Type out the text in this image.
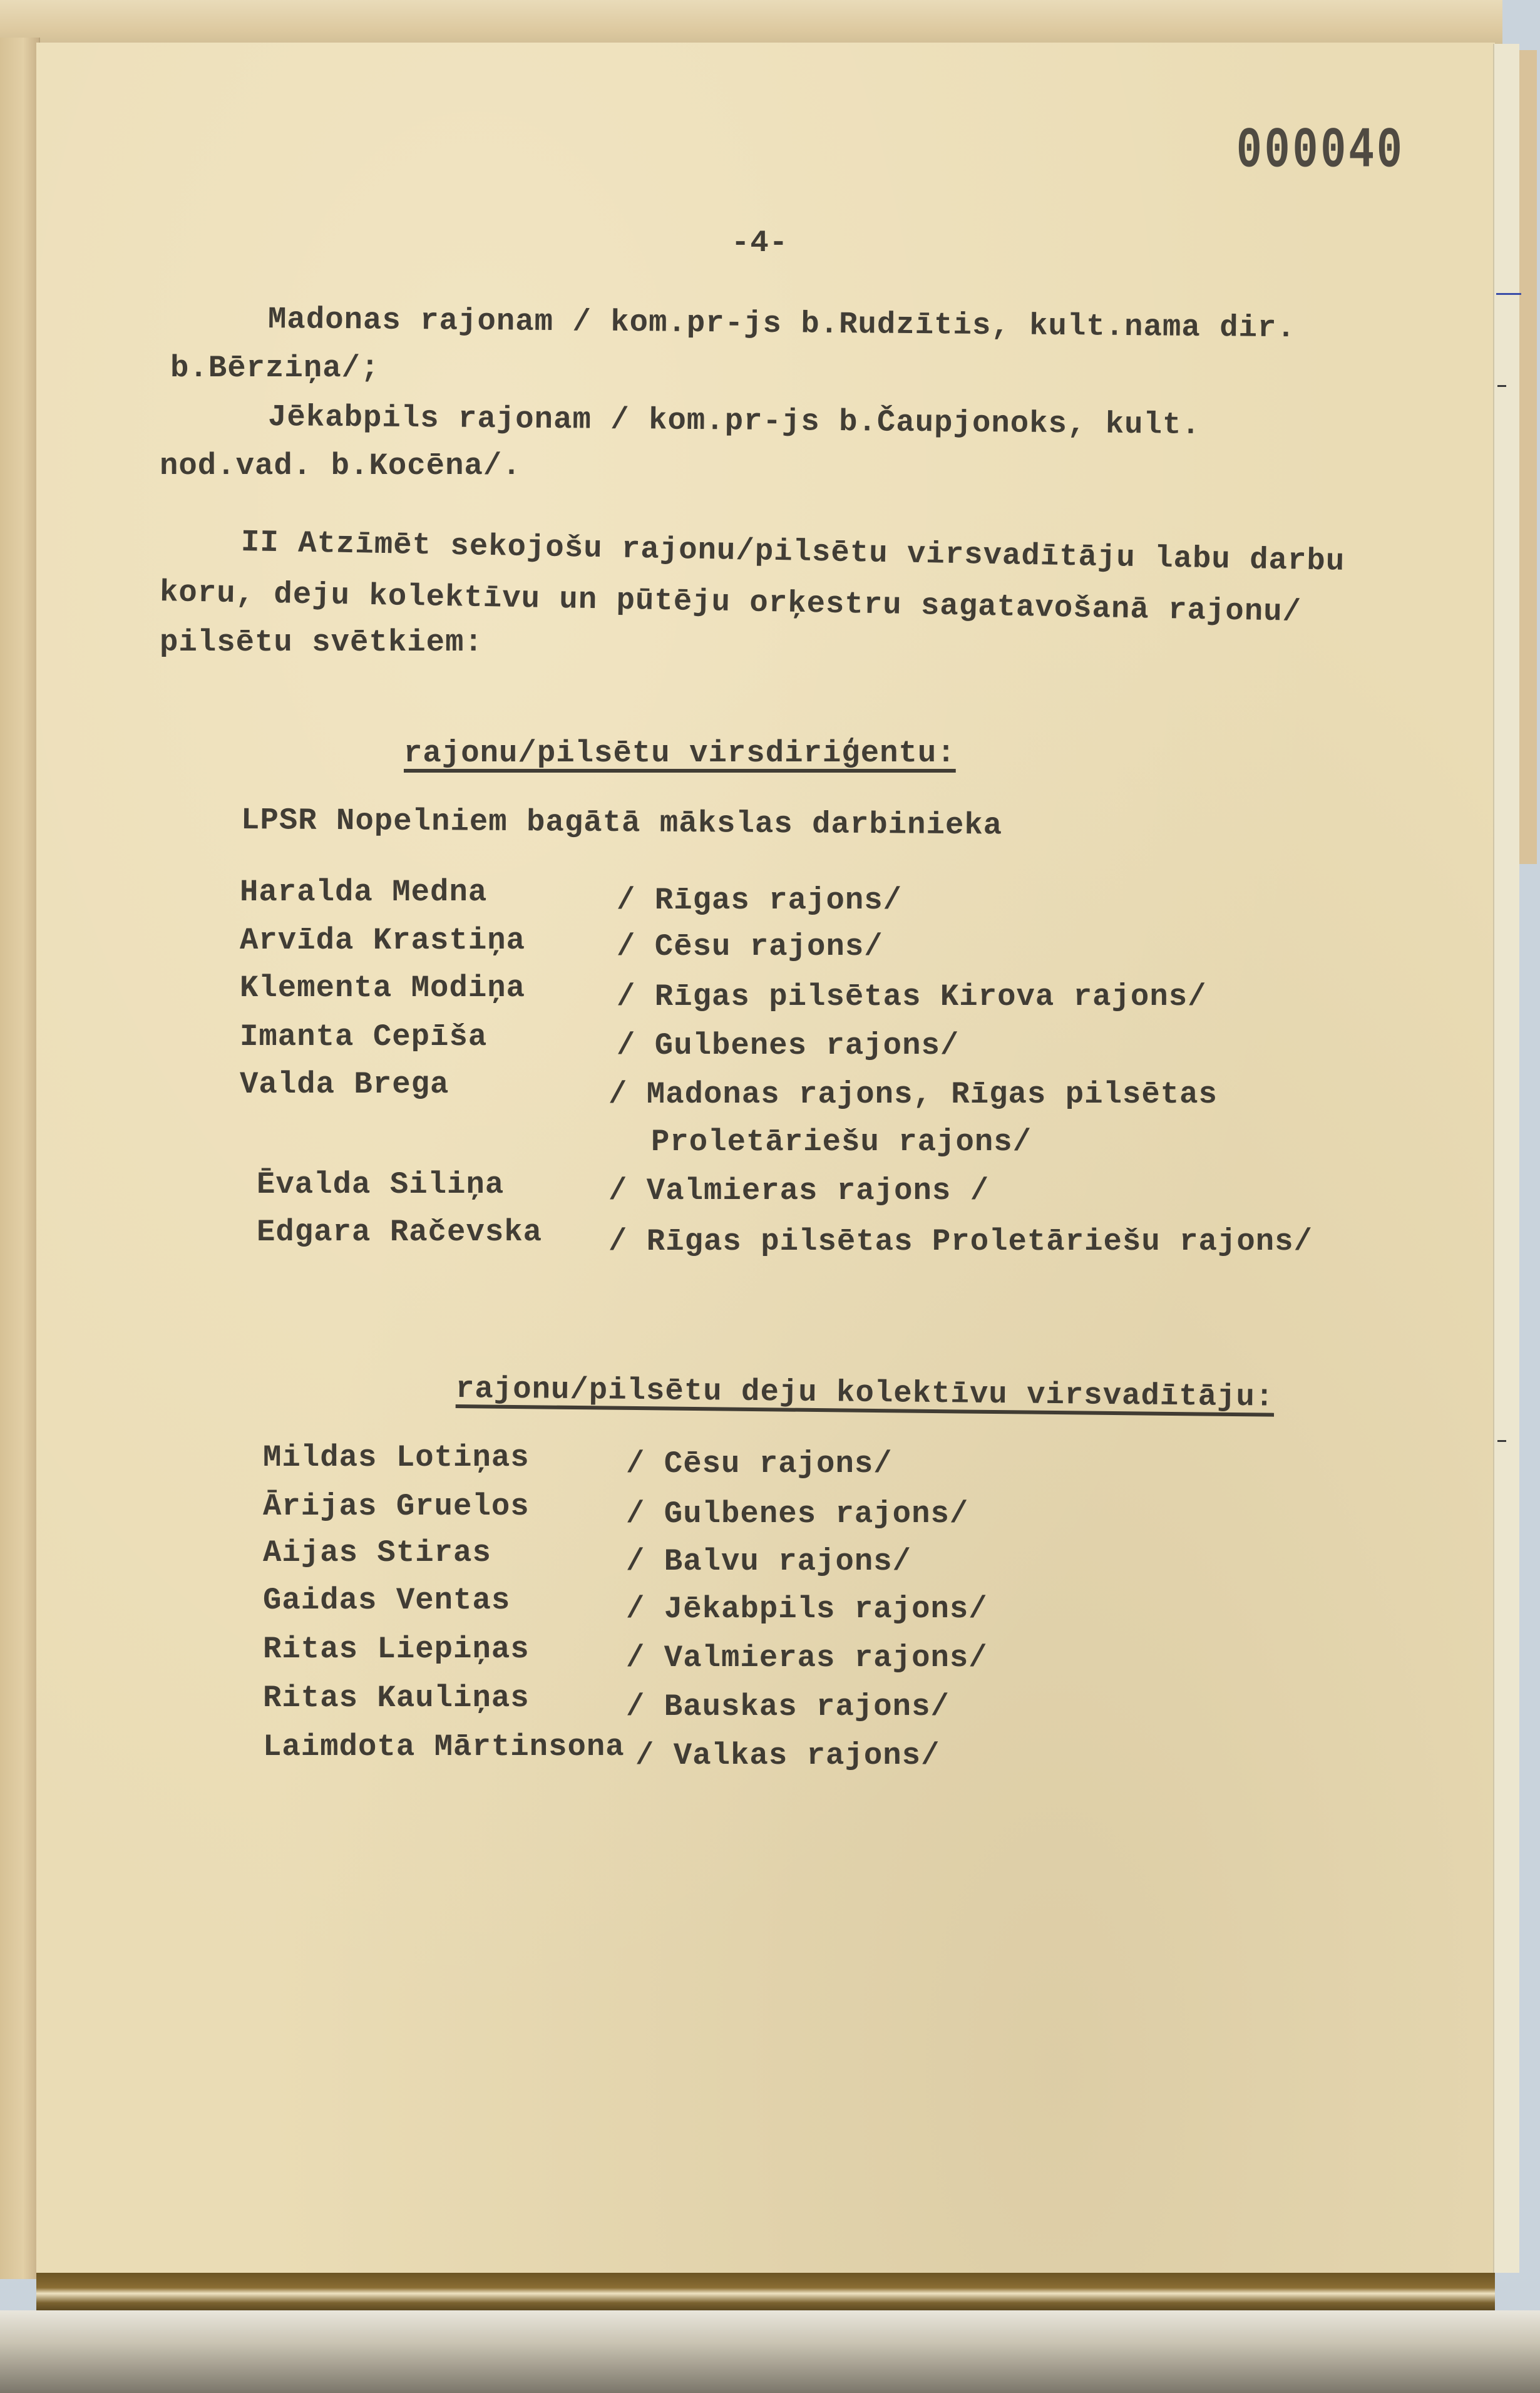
000040
-4-
Madonas rajonam / kom.pr-js b.Rudzītis, kult.nama dir.
b.Bērziņa/;
Jēkabpils rajonam / kom.pr-js b.Čaupjonoks, kult.
nod.vad. b.Kocēna/.
II Atzīmēt sekojošu rajonu/pilsētu virsvadītāju labu darbu
koru, deju kolektīvu un pūtēju orķestru sagatavošanā rajonu/
pilsētu svētkiem:
rajonu/pilsētu virsdiriģentu:
LPSR Nopelniem bagātā mākslas darbinieka
Haralda Mednа	/ Rīgas rajons/
Arvīda Krastiņa	/ Cēsu rajons/
Klementa Modiņa	/ Rīgas pilsētas Kirova rajons/
Imanta Cepīša	/ Gulbenes rajons/
Valda Brega	/ Madonas rajons, Rīgas pilsētas
Proletāriešu rajons/
Ēvalda Siliņa	/ Valmieras rajons /
Edgara Račevska / Rīgas pilsētas Proletāriešu rajons/
rajonu/pilsētu deju kolektīvu virsvadītāju:
Mildas Lotiņas	/ Cēsu rajons/
Ārijas Gruelos	/ Gulbenes rajons/
Aijas Stiras	/ Balvu rajons/
Gaidas Ventas	/ Jēkabpils rajons/
Ritas Liepiņas	/ Valmieras rajons/
Ritas Kauliņas	/ Bauskas rajons/
Laimdota Mārtinsona / Valkas rajons/
